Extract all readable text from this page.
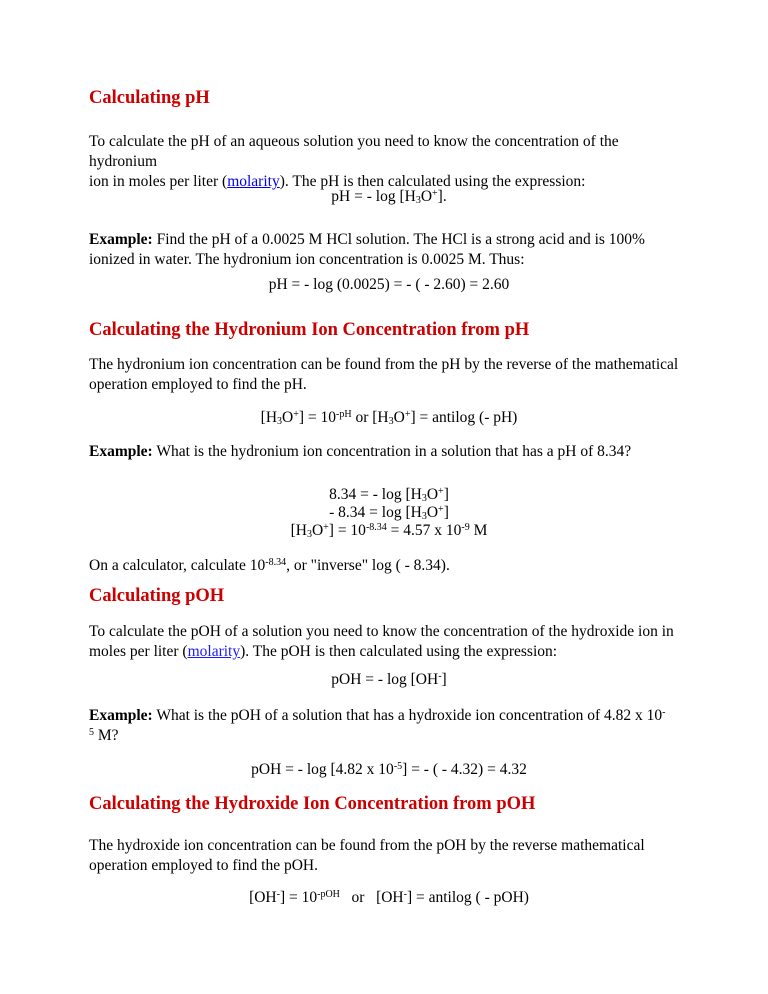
Calculating pH

To calculate the pH of an aqueous solution you need to know the concentration of the hydronium
ion in moles per liter (molarity). The pH is then calculated using the expression:

pH = - $\log [H_3O^+]$.

Example: Find the pH of a 0.0025 M HCl solution. The HCl is a strong acid and is 100%
ionized in water. The hydronium ion concentration is 0.0025 M. Thus:

pH = - log (0.0025) = - ( - 2.60) = 2.60

Calculating the Hydronium Ion Concentration from pH

The hydronium ion concentration can be found from the pH by the reverse of the mathematical
operation employed to find the pH.

$[H_3O^+] = 10^{-pH}$ or $[H_3O^+]$ = antilog (- pH)

Example: What is the hydronium ion concentration in a solution that has a pH of 8.34?

8.34 = - $\log [H_3O^+]$

- $8.34 = \log [H_3O^+]$

$[H_3O^+] = 10^{-8.34} = 4.57$ x $10^{-9}$ M

On a calculator, calculate $10^{-8.34}$, or "inverse" log ( - 8.34).

Calculating pOH

To calculate the pOH of a solution you need to know the concentration of the hydroxide ion in
moles per liter (molarity). The pOH is then calculated using the expression:

pOH = - log [OH-]

Example: What is the pOH of a solution that has a hydroxide ion concentration of 4.82 x 10-
$^5$ M?

pOH = - log [4.82 x $10^{-5}$] = - ( - 4.32) = 4.32

Calculating the Hydroxide Ion Concentration from pOH

The hydroxide ion concentration can be found from the pOH by the reverse mathematical
operation employed to find the pOH.

$[OH^-] = 10^{-pOH}$   or   [OH-] = antilog ( - pOH)
